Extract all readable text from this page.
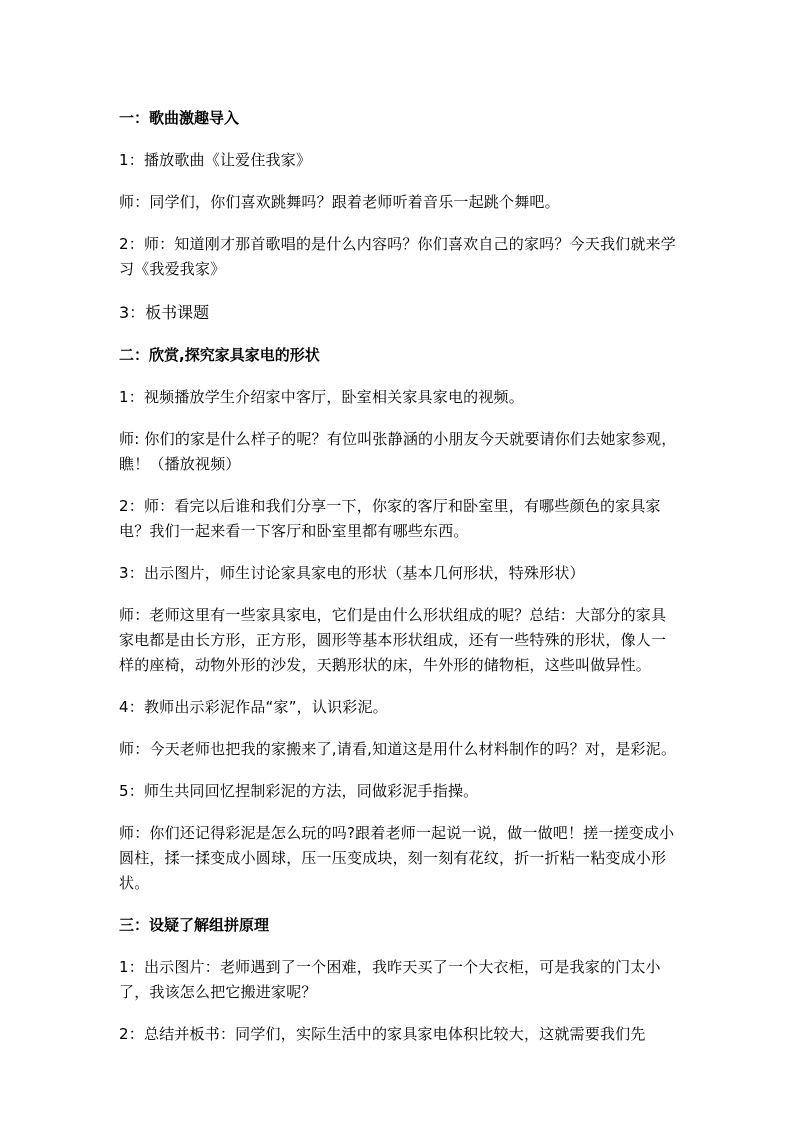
一：歌曲激趣导入

1：播放歌曲《让爱住我家》

师：同学们，你们喜欢跳舞吗？跟着老师听着音乐一起跳个舞吧。

2：师：知道刚才那首歌唱的是什么内容吗？你们喜欢自己的家吗？今天我们就来学习《我爱我家》

3：板书课题

二：欣赏,探究家具家电的形状

1：视频播放学生介绍家中客厅，卧室相关家具家电的视频。

师: 你们的家是什么样子的呢？有位叫张静涵的小朋友今天就要请你们去她家参观，瞧！（播放视频）

2：师：看完以后谁和我们分享一下，你家的客厅和卧室里，有哪些颜色的家具家电？我们一起来看一下客厅和卧室里都有哪些东西。

3：出示图片，师生讨论家具家电的形状（基本几何形状，特殊形状）

师：老师这里有一些家具家电，它们是由什么形状组成的呢？总结：大部分的家具家电都是由长方形，正方形，圆形等基本形状组成，还有一些特殊的形状，像人一样的座椅，动物外形的沙发，天鹅形状的床，牛外形的储物柜，这些叫做异性。

4：教师出示彩泥作品“家”，认识彩泥。

师：今天老师也把我的家搬来了,请看,知道这是用什么材料制作的吗？对，是彩泥。

5：师生共同回忆捏制彩泥的方法，同做彩泥手指操。

师：你们还记得彩泥是怎么玩的吗?跟着老师一起说一说，做一做吧！搓一搓变成小圆柱，揉一揉变成小圆球，压一压变成块，刻一刻有花纹，折一折粘一粘变成小形状。

三：设疑了解组拼原理

1：出示图片：老师遇到了一个困难，我昨天买了一个大衣柜，可是我家的门太小了，我该怎么把它搬进家呢？

2：总结并板书：同学们，实际生活中的家具家电体积比较大，这就需要我们先
